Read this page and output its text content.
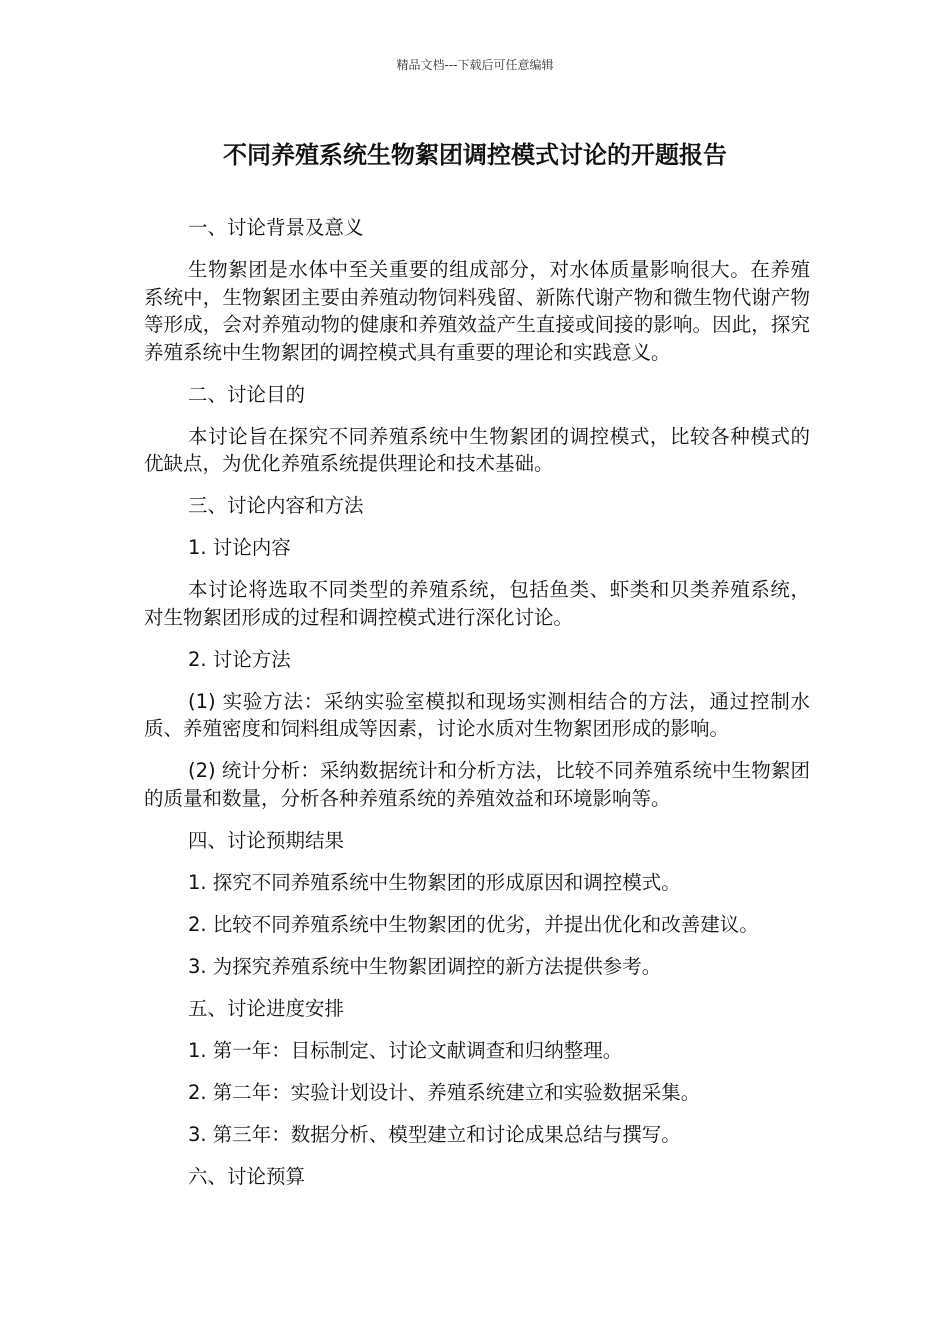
精品文档---下载后可任意编辑
不同养殖系统生物絮团调控模式讨论的开题报告

一、讨论背景及意义

生物絮团是水体中至关重要的组成部分，对水体质量影响很大。在养殖系统中，生物絮团主要由养殖动物饲料残留、新陈代谢产物和微生物代谢产物等形成，会对养殖动物的健康和养殖效益产生直接或间接的影响。因此，探究养殖系统中生物絮团的调控模式具有重要的理论和实践意义。

二、讨论目的

本讨论旨在探究不同养殖系统中生物絮团的调控模式，比较各种模式的优缺点，为优化养殖系统提供理论和技术基础。

三、讨论内容和方法

1. 讨论内容

本讨论将选取不同类型的养殖系统，包括鱼类、虾类和贝类养殖系统，对生物絮团形成的过程和调控模式进行深化讨论。

2. 讨论方法

(1) 实验方法：采纳实验室模拟和现场实测相结合的方法，通过控制水质、养殖密度和饲料组成等因素，讨论水质对生物絮团形成的影响。

(2) 统计分析：采纳数据统计和分析方法，比较不同养殖系统中生物絮团的质量和数量，分析各种养殖系统的养殖效益和环境影响等。

四、讨论预期结果

1. 探究不同养殖系统中生物絮团的形成原因和调控模式。

2. 比较不同养殖系统中生物絮团的优劣，并提出优化和改善建议。

3. 为探究养殖系统中生物絮团调控的新方法提供参考。

五、讨论进度安排

1. 第一年：目标制定、讨论文献调查和归纳整理。

2. 第二年：实验计划设计、养殖系统建立和实验数据采集。

3. 第三年：数据分析、模型建立和讨论成果总结与撰写。

六、讨论预算
